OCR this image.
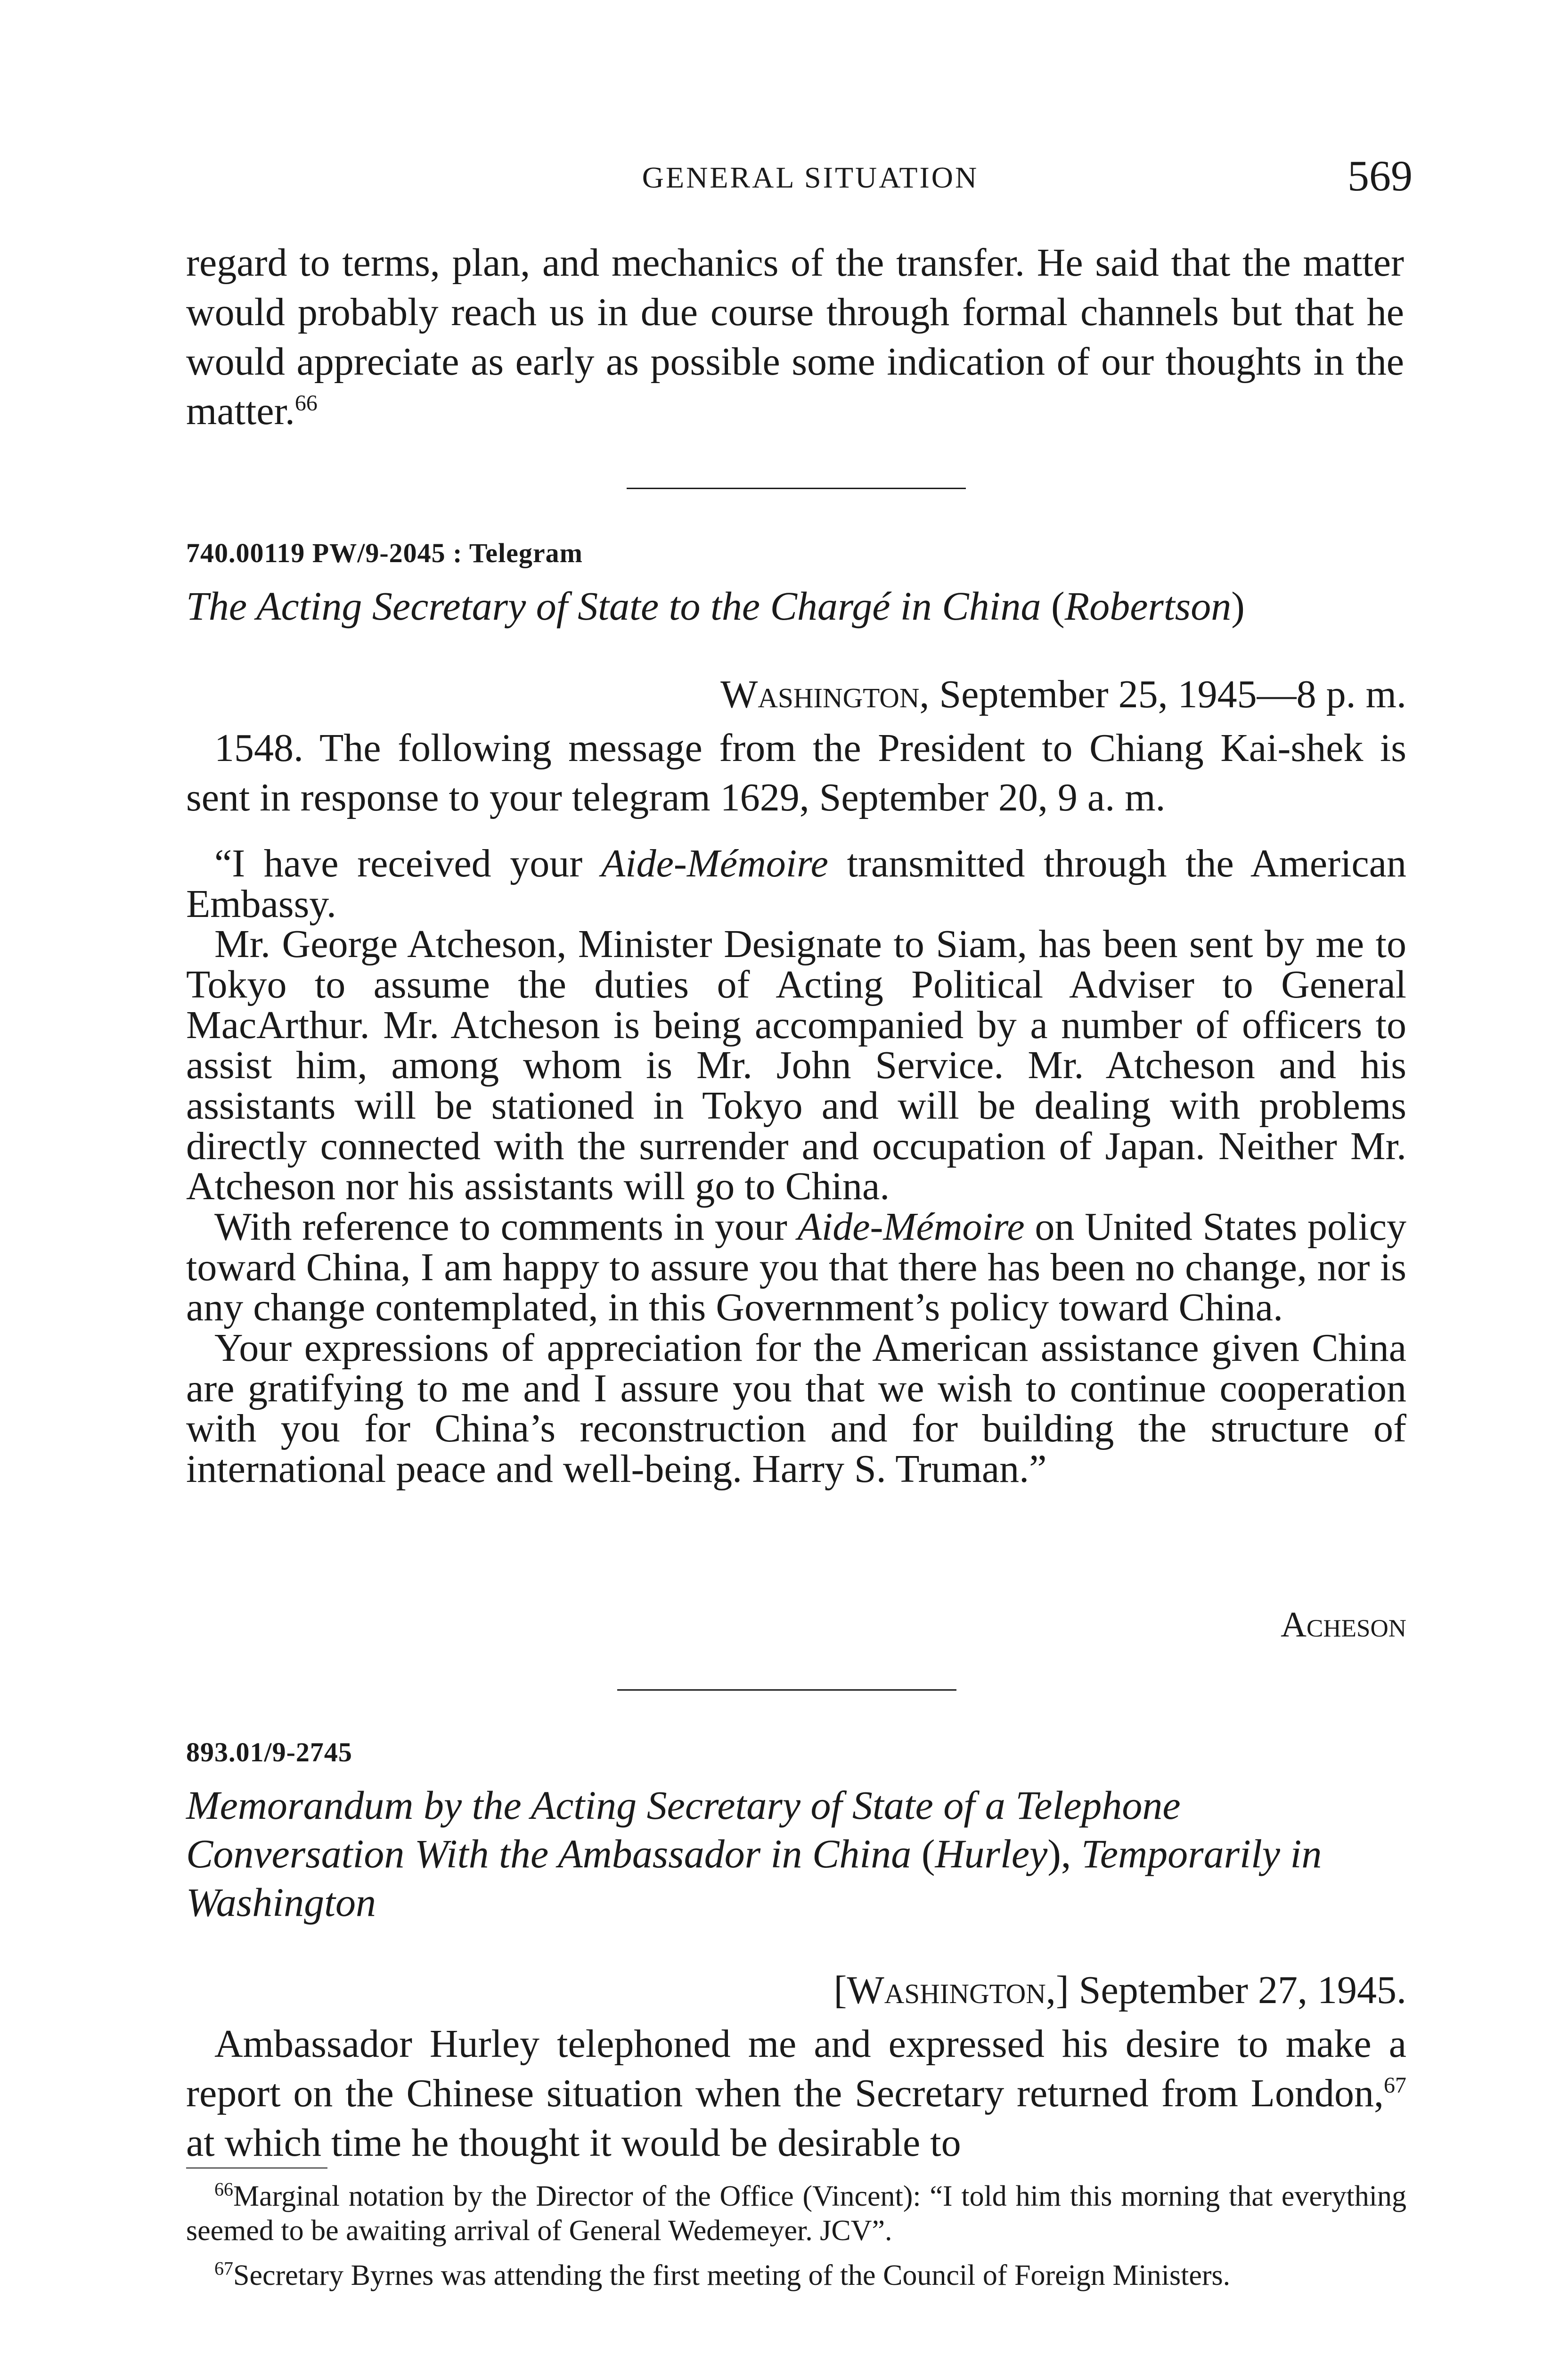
GENERAL SITUATION	569

regard to terms, plan, and mechanics of the transfer. He said that the matter would probably reach us in due course through formal channels but that he would appreciate as early as possible some indication of our thoughts in the matter.$^{66}$

740.00119 PW/9-2045 : Telegram
The Acting Secretary of State to the Chargé in China (Robertson)
Washington, September 25, 1945—8 p. m.

1548. The following message from the President to Chiang Kai-shek is sent in response to your telegram 1629, September 20, 9 a. m.

“I have received your Aide-Mémoire transmitted through the American Embassy.

Mr. George Atcheson, Minister Designate to Siam, has been sent by me to Tokyo to assume the duties of Acting Political Adviser to General MacArthur. Mr. Atcheson is being accompanied by a number of officers to assist him, among whom is Mr. John Service. Mr. Atcheson and his assistants will be stationed in Tokyo and will be dealing with problems directly connected with the surrender and occupation of Japan. Neither Mr. Atcheson nor his assistants will go to China.

With reference to comments in your Aide-Mémoire on United States policy toward China, I am happy to assure you that there has been no change, nor is any change contemplated, in this Government’s policy toward China.

Your expressions of appreciation for the American assistance given China are gratifying to me and I assure you that we wish to continue cooperation with you for China’s reconstruction and for building the structure of international peace and well-being. Harry S. Truman.”

Acheson
893.01/9-2745
Memorandum by the Acting Secretary of State of a Telephone Conversation With the Ambassador in China (Hurley), Temporarily in Washington
[Washington,] September 27, 1945.

Ambassador Hurley telephoned me and expressed his desire to make a report on the Chinese situation when the Secretary returned from London,$^{67}$ at which time he thought it would be desirable to

$^{66}$Marginal notation by the Director of the Office (Vincent): “I told him this morning that everything seemed to be awaiting arrival of General Wedemeyer. JCV”.

$^{67}$Secretary Byrnes was attending the first meeting of the Council of Foreign Ministers.
